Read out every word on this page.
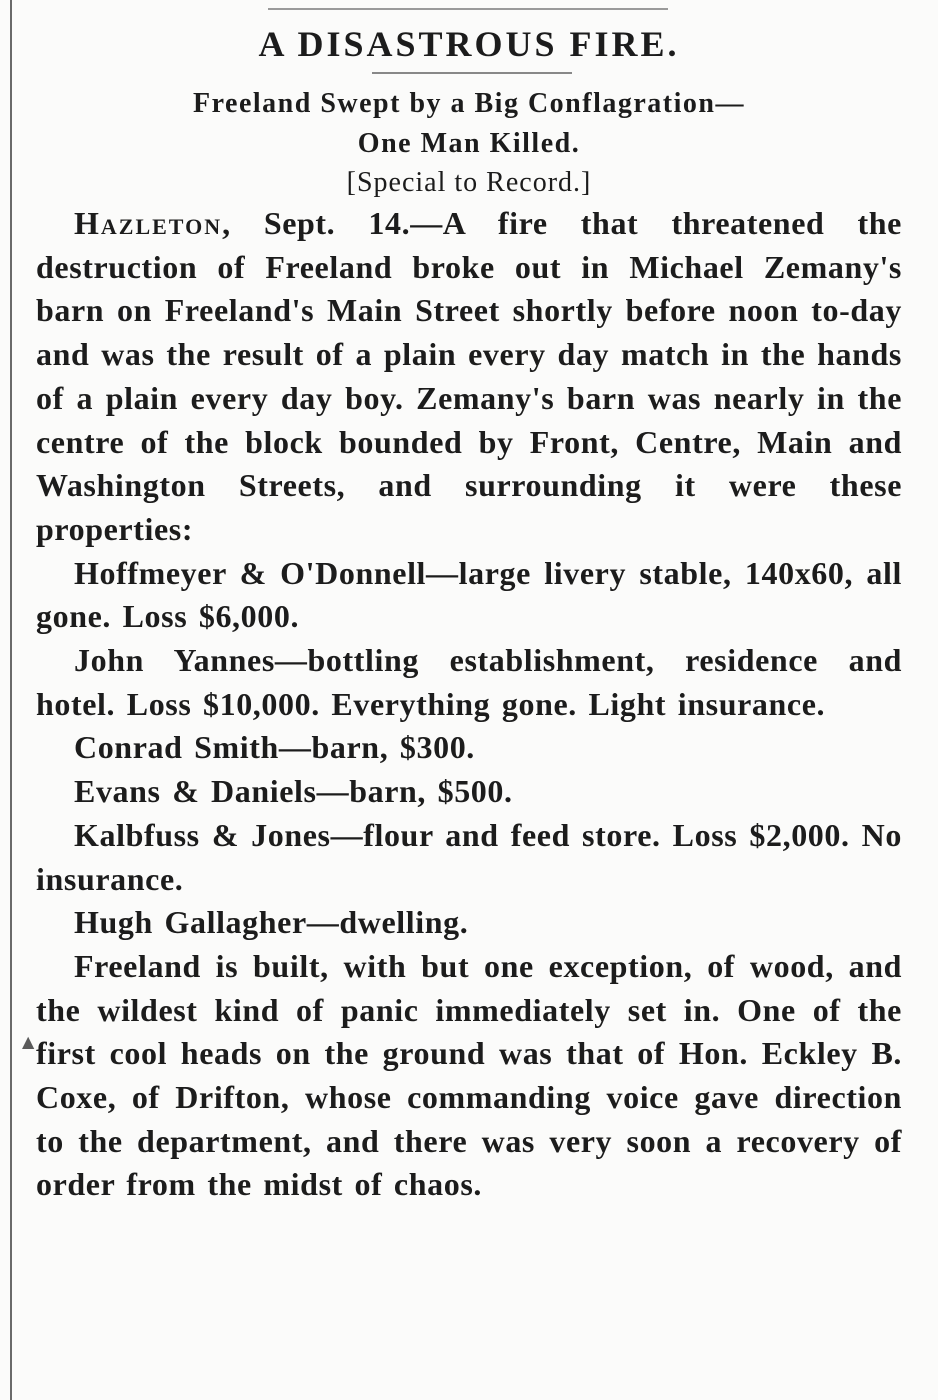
A DISASTROUS FIRE.
Freeland Swept by a Big Conflagration—
One Man Killed.
[Special to Record.]
▲

Hazleton, Sept. 14.—A fire that threatened the destruction of Freeland broke out in Michael Zemany's barn on Freeland's Main Street shortly before noon to-day and was the result of a plain every day match in the hands of a plain every day boy. Zemany's barn was nearly in the centre of the block bounded by Front, Centre, Main and Washington Streets, and surrounding it were these properties:

Hoffmeyer & O'Donnell—large livery stable, 140x60, all gone. Loss $6,000.

John Yannes—bottling establishment, residence and hotel. Loss $10,000. Everything gone. Light insurance.

Conrad Smith—barn, $300.

Evans & Daniels—barn, $500.

Kalbfuss & Jones—flour and feed store. Loss $2,000. No insurance.

Hugh Gallagher—dwelling.

Freeland is built, with but one exception, of wood, and the wildest kind of panic immediately set in. One of the first cool heads on the ground was that of Hon. Eckley B. Coxe, of Drifton, whose commanding voice gave direction to the department, and there was very soon a recovery of order from the midst of chaos.
